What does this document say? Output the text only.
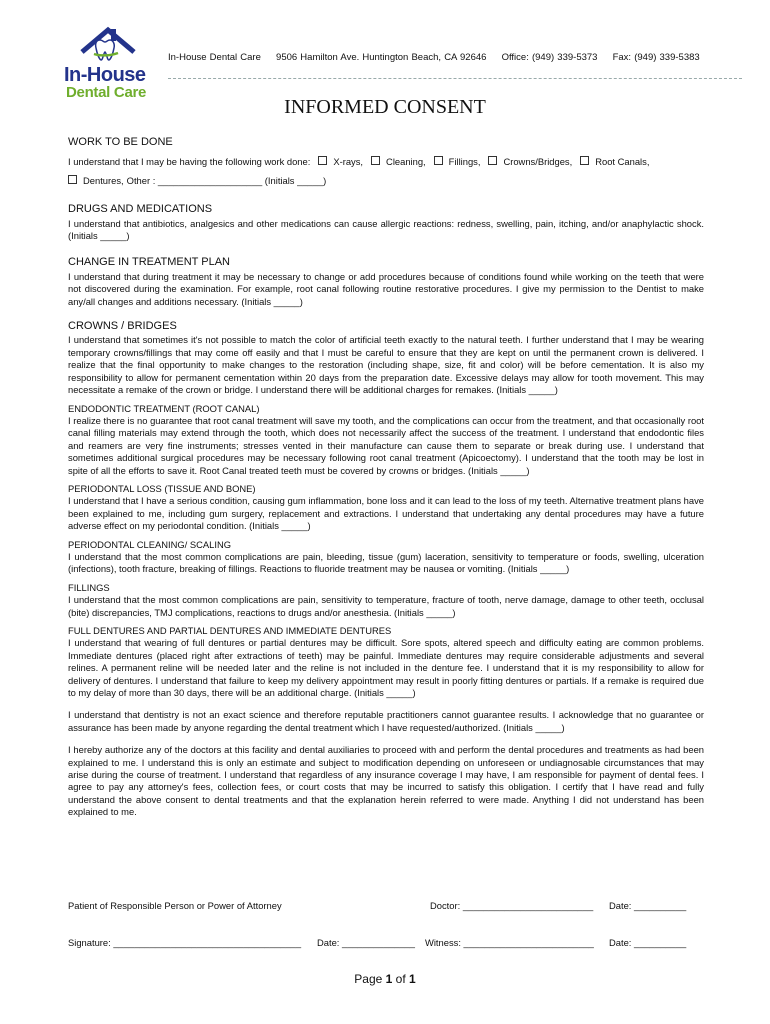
In-House
Dental Care
In-House Dental Care 9506 Hamilton Ave. Huntington Beach, CA 92646 Office: (949) 339-5373 Fax: (949) 339-5383
INFORMED CONSENT
WORK TO BE DONE
I understand that I may be having the following work done: X-rays, Cleaning, Fillings, Crowns/Bridges, Root Canals,
Dentures, Other : ____________________ (Initials _____)
DRUGS AND MEDICATIONS

I understand that antibiotics, analgesics and other medications can cause allergic reactions: redness, swelling, pain, itching, and/or anaphylactic shock. (Initials _____)

CHANGE IN TREATMENT PLAN

I understand that during treatment it may be necessary to change or add procedures because of conditions found while working on the teeth that were not discovered during the examination. For example, root canal following routine restorative procedures. I give my permission to the Dentist to make any/all changes and additions necessary. (Initials _____)

CROWNS / BRIDGES

I understand that sometimes it's not possible to match the color of artificial teeth exactly to the natural teeth. I further understand that I may be wearing temporary crowns/fillings that may come off easily and that I must be careful to ensure that they are kept on until the permanent crown is delivered. I realize that the final opportunity to make changes to the restoration (including shape, size, fit and color) will be before cementation. It is also my responsibility to allow for permanent cementation within 20 days from the preparation date. Excessive delays may allow for tooth movement. This may necessitate a remake of the crown or bridge. I understand there will be additional charges for remakes. (Initials _____)

ENDODONTIC TREATMENT (ROOT CANAL)

I realize there is no guarantee that root canal treatment will save my tooth, and the complications can occur from the treatment, and that occasionally root canal filling materials may extend through the tooth, which does not necessarily affect the success of the treatment. I understand that endodontic files and reamers are very fine instruments; stresses vented in their manufacture can cause them to separate or break during use. I understand that sometimes additional surgical procedures may be necessary following root canal treatment (Apicoectomy). I understand that the tooth may be lost in spite of all the efforts to save it. Root Canal treated teeth must be covered by crowns or bridges. (Initials _____)

PERIODONTAL LOSS (TISSUE AND BONE)

I understand that I have a serious condition, causing gum inflammation, bone loss and it can lead to the loss of my teeth. Alternative treatment plans have been explained to me, including gum surgery, replacement and extractions. I understand that undertaking any dental procedures may have a future adverse effect on my periodontal condition. (Initials _____)

PERIODONTAL CLEANING/ SCALING

I understand that the most common complications are pain, bleeding, tissue (gum) laceration, sensitivity to temperature or foods, swelling, ulceration (infections), tooth fracture, breaking of fillings. Reactions to fluoride treatment may be nausea or vomiting. (Initials _____)

FILLINGS

I understand that the most common complications are pain, sensitivity to temperature, fracture of tooth, nerve damage, damage to other teeth, occlusal (bite) discrepancies, TMJ complications, reactions to drugs and/or anesthesia. (Initials _____)

FULL DENTURES AND PARTIAL DENTURES AND IMMEDIATE DENTURES

I understand that wearing of full dentures or partial dentures may be difficult. Sore spots, altered speech and difficulty eating are common problems. Immediate dentures (placed right after extractions of teeth) may be painful. Immediate dentures may require considerable adjustments and several relines. A permanent reline will be needed later and the reline is not included in the denture fee. I understand that it is my responsibility to allow for delivery of dentures. I understand that failure to keep my delivery appointment may result in poorly fitting dentures or partials. If a remake is required due to my delay of more than 30 days, there will be an additional charge. (Initials _____)

I understand that dentistry is not an exact science and therefore reputable practitioners cannot guarantee results. I acknowledge that no guarantee or assurance has been made by anyone regarding the dental treatment which I have requested/authorized. (Initials _____)

I hereby authorize any of the doctors at this facility and dental auxiliaries to proceed with and perform the dental procedures and treatments as had been explained to me. I understand this is only an estimate and subject to modification depending on unforeseen or undiagnosable circumstances that may arise during the course of treatment. I understand that regardless of any insurance coverage I may have, I am responsible for payment of dental fees. I agree to pay any attorney's fees, collection fees, or court costs that may be incurred to satisfy this obligation. I certify that I have read and fully understand the above consent to dental treatments and that the explanation herein referred to were made. Anything I did not understand has been explained to me.

Patient of Responsible Person or Power of Attorney	Doctor: _________________________ Date: __________
Signature: ____________________________________ Date: ______________ Witness: _________________________ Date: __________
Page 1 of 1
